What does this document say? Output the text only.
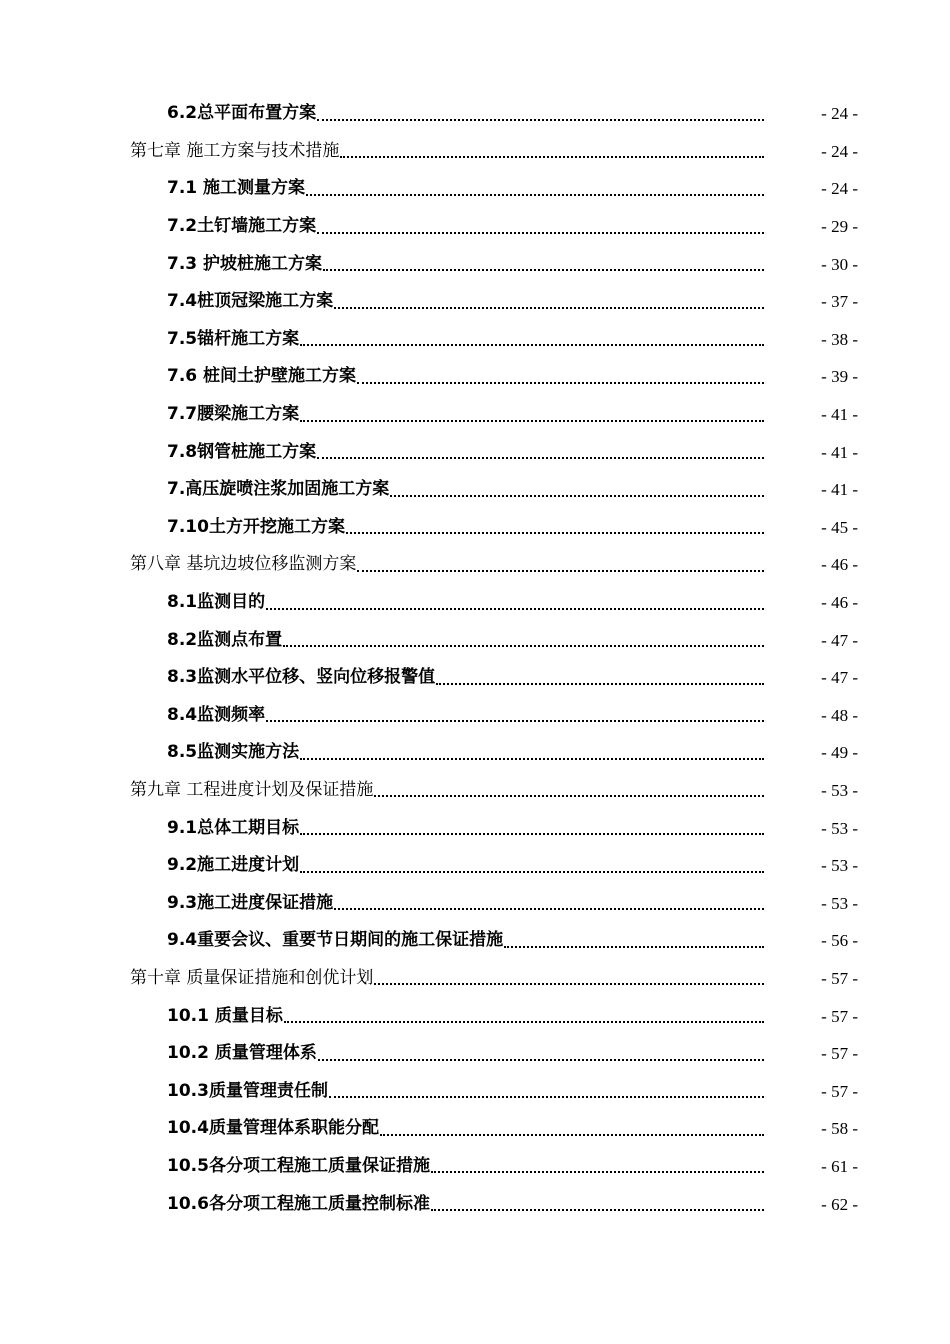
6.2总平面布置方案	- 24 -
第七章 施工方案与技术措施	- 24 -
7.1 施工测量方案	- 24 -
7.2土钉墙施工方案	- 29 -
7.3 护坡桩施工方案	- 30 -
7.4桩顶冠梁施工方案	- 37 -
7.5锚杆施工方案	- 38 -
7.6 桩间土护壁施工方案	- 39 -
7.7腰梁施工方案	- 41 -
7.8钢管桩施工方案	- 41 -
7.高压旋喷注浆加固施工方案	- 41 -
7.10土方开挖施工方案	- 45 -
第八章 基坑边坡位移监测方案	- 46 -
8.1监测目的	- 46 -
8.2监测点布置	- 47 -
8.3监测水平位移、竖向位移报警值	- 47 -
8.4监测频率	- 48 -
8.5监测实施方法	- 49 -
第九章 工程进度计划及保证措施	- 53 -
9.1总体工期目标	- 53 -
9.2施工进度计划	- 53 -
9.3施工进度保证措施	- 53 -
9.4重要会议、重要节日期间的施工保证措施	- 56 -
第十章 质量保证措施和创优计划	- 57 -
10.1 质量目标	- 57 -
10.2 质量管理体系	- 57 -
10.3质量管理责任制	- 57 -
10.4质量管理体系职能分配	- 58 -
10.5各分项工程施工质量保证措施	- 61 -
10.6各分项工程施工质量控制标准	- 62 -
